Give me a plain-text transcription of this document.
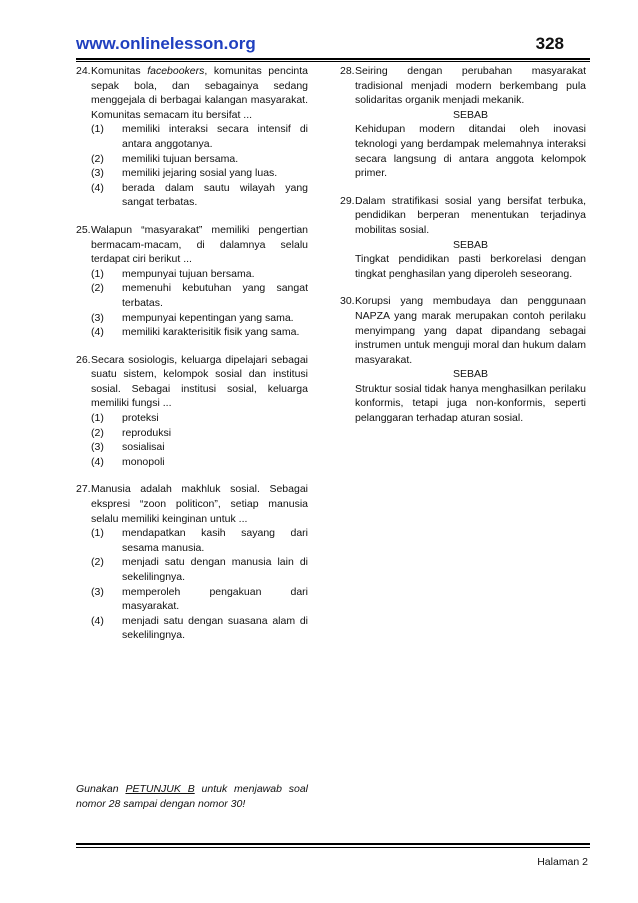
www.onlinelesson.org	328
24. Komunitas facebookers, komunitas pencinta sepak bola, dan sebagainya sedang menggejala di berbagai kalangan masyarakat. Komunitas semacam itu bersifat ...
(1) memiliki interaksi secara intensif di antara anggotanya.
(2) memiliki tujuan bersama.
(3) memiliki jejaring sosial yang luas.
(4) berada dalam sautu wilayah yang sangat terbatas.
25. Walapun “masyarakat” memiliki pengertian bermacam-macam, di dalamnya selalu terdapat ciri berikut ...
(1) mempunyai tujuan bersama.
(2) memenuhi kebutuhan yang sangat terbatas.
(3) mempunyai kepentingan yang sama.
(4) memiliki karakterisitik fisik yang sama.
26. Secara sosiologis, keluarga dipelajari sebagai suatu sistem, kelompok sosial dan institusi sosial. Sebagai institusi sosial, keluarga memiliki fungsi ...
(1) proteksi
(2) reproduksi
(3) sosialisai
(4) monopoli
27. Manusia adalah makhluk sosial. Sebagai ekspresi “zoon politicon”, setiap manusia selalu memiliki keinginan untuk ...
(1) mendapatkan kasih sayang dari sesama manusia.
(2) menjadi satu dengan manusia lain di sekelilingnya.
(3) memperoleh pengakuan dari masyarakat.
(4) menjadi satu dengan suasana alam di sekelilingnya.
Gunakan PETUNJUK B untuk menjawab soal nomor 28 sampai dengan nomor 30!
28. Seiring dengan perubahan masyarakat tradisional menjadi modern berkembang pula solidaritas organik menjadi mekanik.
SEBAB
Kehidupan modern ditandai oleh inovasi teknologi yang berdampak melemahnya interaksi secara langsung di antara anggota kelompok primer.
29. Dalam stratifikasi sosial yang bersifat terbuka, pendidikan berperan menentukan terjadinya mobilitas sosial.
SEBAB
Tingkat pendidikan pasti berkorelasi dengan tingkat penghasilan yang diperoleh seseorang.
30. Korupsi yang membudaya dan penggunaan NAPZA yang marak merupakan contoh perilaku menyimpang yang dapat dipandang sebagai instrumen untuk menguji moral dan hukum dalam masyarakat.
SEBAB
Struktur sosial tidak hanya menghasilkan perilaku konformis, tetapi juga non-konformis, seperti pelanggaran terhadap aturan sosial.
Halaman 2
